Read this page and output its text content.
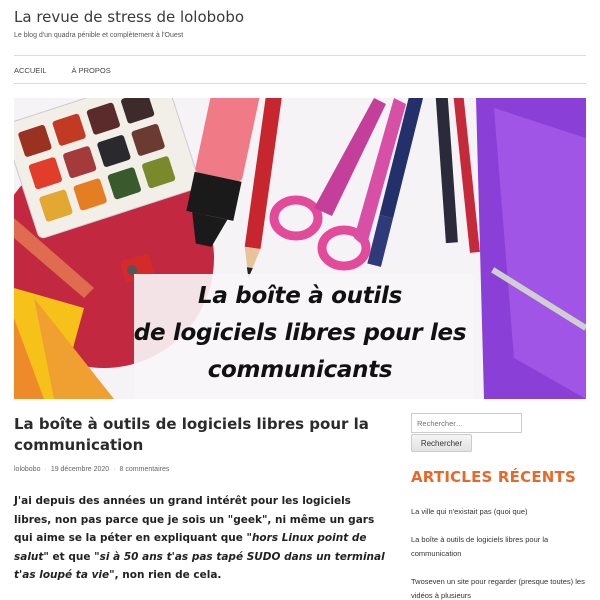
La revue de stress de lolobobo
Le blog d'un quadra pénible et complètement à l'Ouest
ACCUEIL	À PROPOS
La boîte à outils
de logiciels libres pour les
communicants
La boîte à outils de logiciels libres pour la communication
lolobobo · 19 décembre 2020 · 8 commentaires

J'ai depuis des années un grand intérêt pour les logiciels libres, non pas parce que je sois un "geek", ni même un gars qui aime se la péter en expliquant que "hors Linux point de salut" et que "si à 50 ans t'as pas tapé SUDO dans un terminal t'as loupé ta vie", non rien de cela.

Rechercher…
Rechercher
ARTICLES RÉCENTS
La ville qui n'existait pas (quoi que)
La boîte à outils de logiciels libres pour la communication
Twoseven un site pour regarder (presque toutes) les vidéos à plusieurs
